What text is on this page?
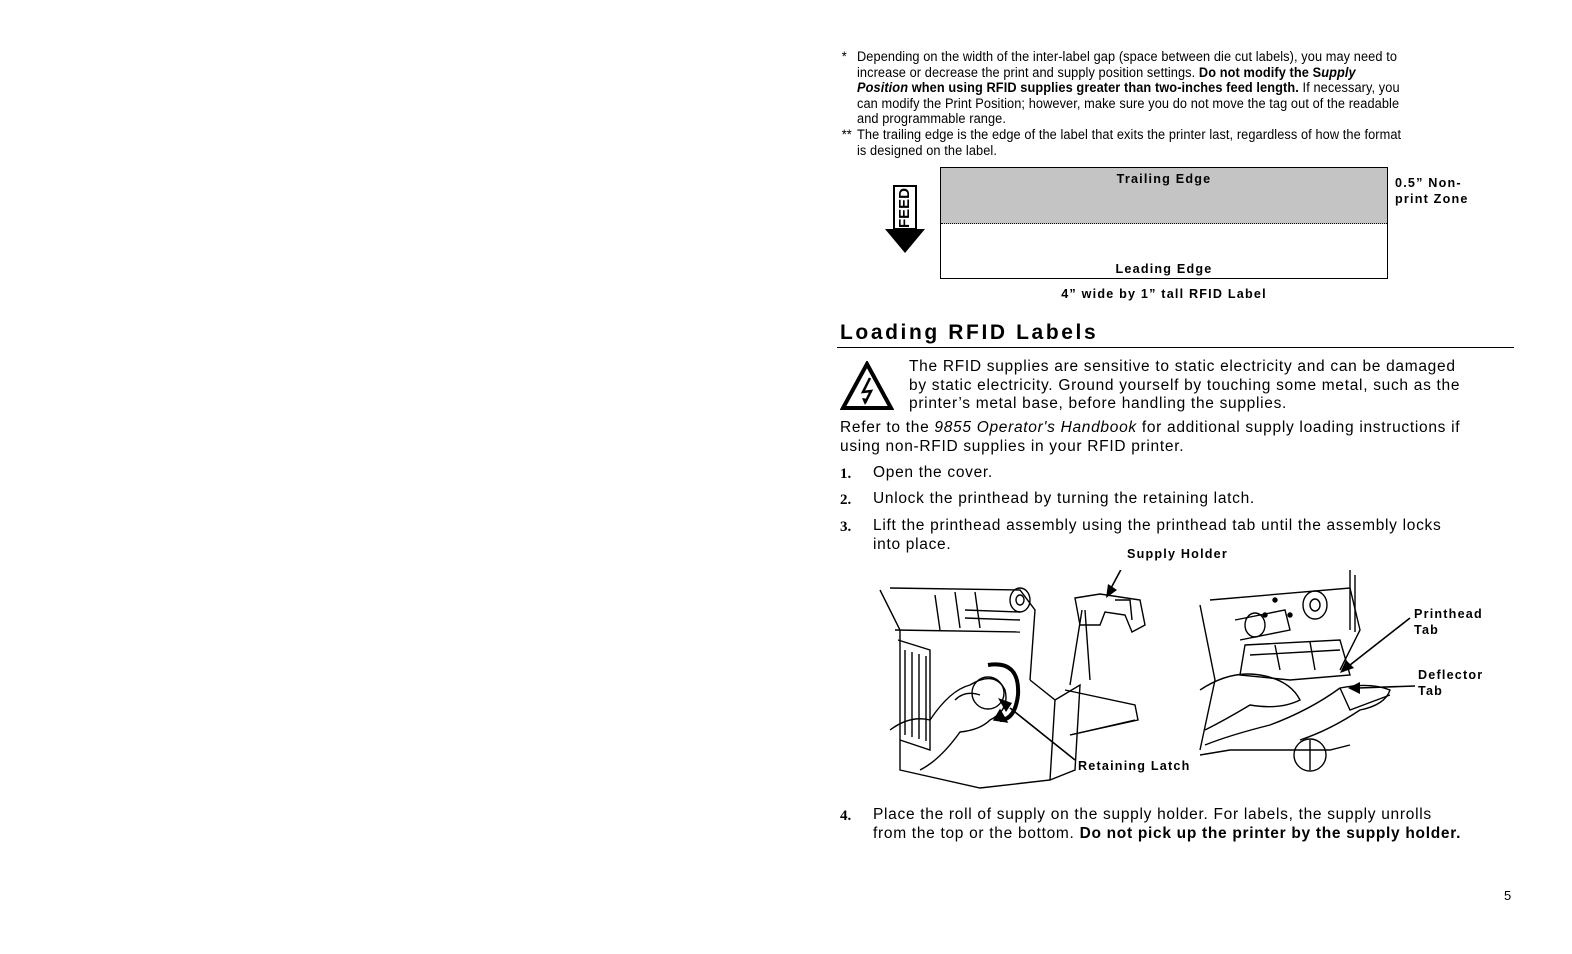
* Depending on the width of the inter-label gap (space between die cut labels), you may need to
increase or decrease the print and supply position settings. Do not modify the Supply
Position when using RFID supplies greater than two-inches feed length. If necessary, you
can modify the Print Position; however, make sure you do not move the tag out of the readable
and programmable range.
** The trailing edge is the edge of the label that exits the printer last, regardless of how the format
is designed on the label.
FEED
Trailing Edge
Leading Edge
0.5” Non-
print Zone
4” wide by 1” tall RFID Label
Loading RFID Labels
The RFID supplies are sensitive to static electricity and can be damaged
by static electricity. Ground yourself by touching some metal, such as the
printer’s metal base, before handling the supplies.
Refer to the 9855 Operator's Handbook for additional supply loading instructions if
using non-RFID supplies in your RFID printer.
1. Open the cover.
2. Unlock the printhead by turning the retaining latch.
3. Lift the printhead assembly using the printhead tab until the assembly locks
into place.
Supply Holder
Retaining Latch
Printhead
Tab
Deflector
Tab
4. Place the roll of supply on the supply holder. For labels, the supply unrolls
from the top or the bottom. Do not pick up the printer by the supply holder.
5
